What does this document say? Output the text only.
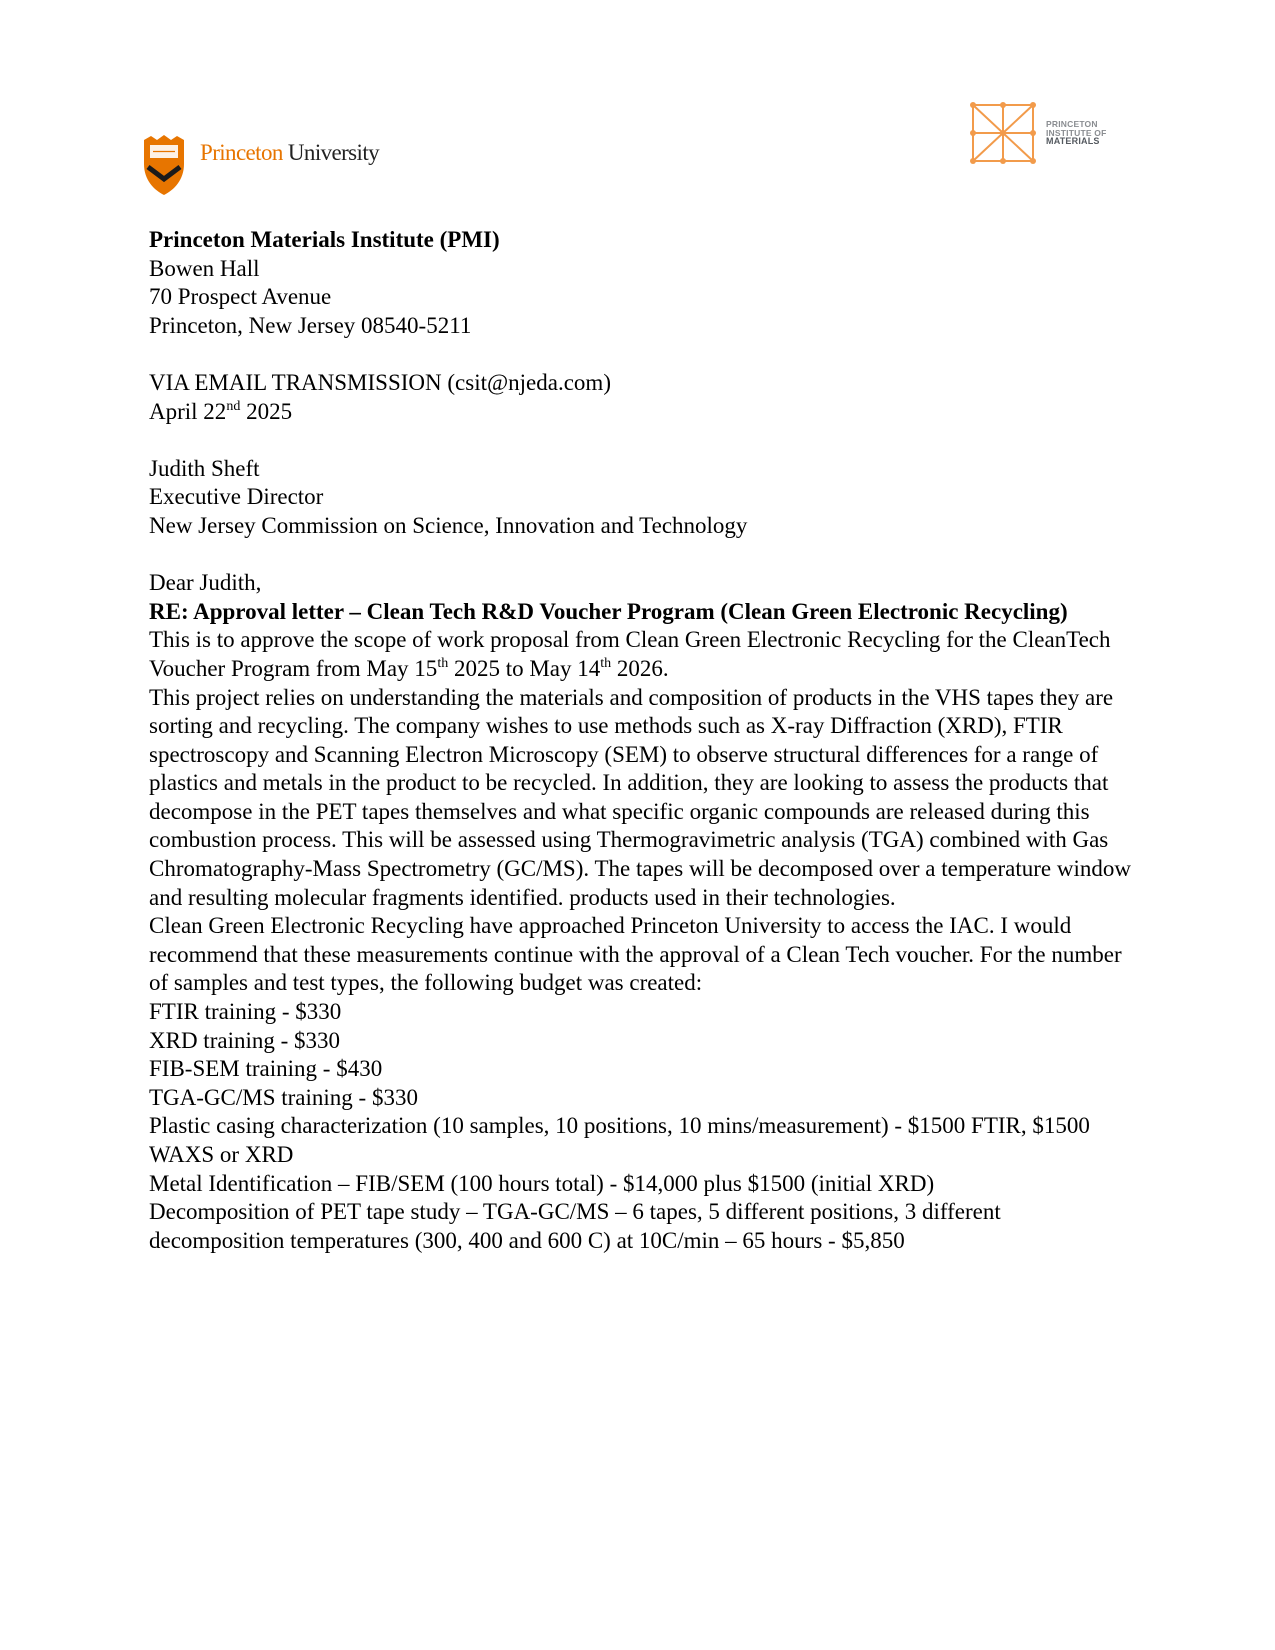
Princeton University
PRINCETON
INSTITUTE OF
MATERIALS

Princeton Materials Institute (PMI)

Bowen Hall

70 Prospect Avenue

Princeton, New Jersey 08540-5211

VIA EMAIL TRANSMISSION (csit@njeda.com)

April 22nd 2025

Judith Sheft

Executive Director

New Jersey Commission on Science, Innovation and Technology

Dear Judith,

RE: Approval letter – Clean Tech R&D Voucher Program (Clean Green Electronic Recycling)

This is to approve the scope of work proposal from Clean Green Electronic Recycling for the CleanTech Voucher Program from May 15th 2025 to May 14th 2026.

This project relies on understanding the materials and composition of products in the VHS tapes they are sorting and recycling. The company wishes to use methods such as X-ray Diffraction (XRD), FTIR spectroscopy and Scanning Electron Microscopy (SEM) to observe structural differences for a range of plastics and metals in the product to be recycled. In addition, they are looking to assess the products that decompose in the PET tapes themselves and what specific organic compounds are released during this combustion process. This will be assessed using Thermogravimetric analysis (TGA) combined with Gas Chromatography-Mass Spectrometry (GC/MS). The tapes will be decomposed over a temperature window and resulting molecular fragments identified. products used in their technologies.

Clean Green Electronic Recycling have approached Princeton University to access the IAC. I would recommend that these measurements continue with the approval of a Clean Tech voucher. For the number of samples and test types, the following budget was created:

FTIR training - $330

XRD training - $330

FIB-SEM training - $430

TGA-GC/MS training - $330

Plastic casing characterization (10 samples, 10 positions, 10 mins/measurement) - $1500 FTIR, $1500 WAXS or XRD

Metal Identification – FIB/SEM (100 hours total) - $14,000 plus $1500 (initial XRD)

Decomposition of PET tape study – TGA-GC/MS – 6 tapes, 5 different positions, 3 different decomposition temperatures (300, 400 and 600 C) at 10C/min – 65 hours - $5,850
